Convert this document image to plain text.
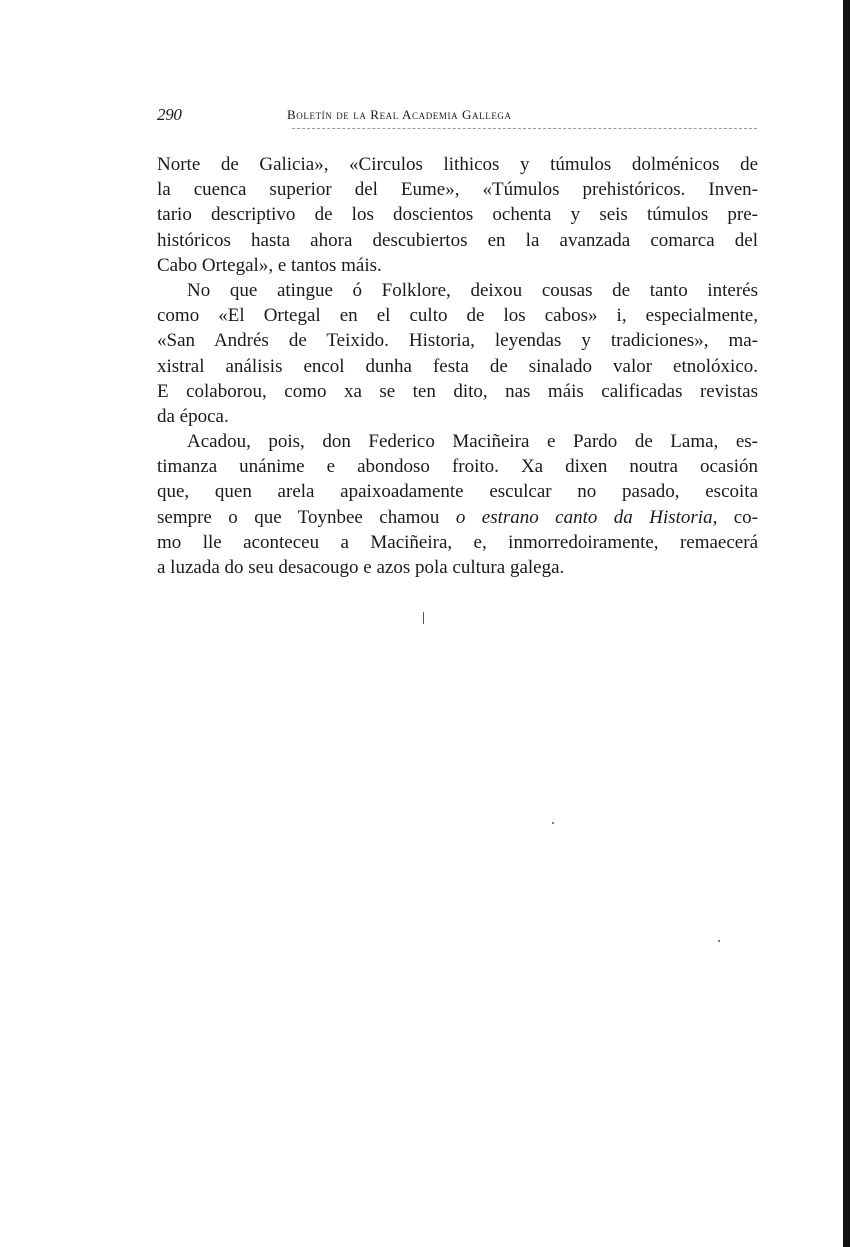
290	Boletín de la Real Academia Gallega

Norte de Galicia», «Circulos lithicos y túmulos dolménicos de
la cuenca superior del Eume», «Túmulos prehistóricos. Inven-
tario descriptivo de los doscientos ochenta y seis túmulos pre-
históricos hasta ahora descubiertos en la avanzada comarca del
Cabo Ortegal», e tantos máis.

No que atingue ó Folklore, deixou cousas de tanto interés
como «El Ortegal en el culto de los cabos» i, especialmente,
«San Andrés de Teixido. Historia, leyendas y tradiciones», ma-
xistral análisis encol dunha festa de sinalado valor etnolóxico.
E colaborou, como xa se ten dito, nas máis calificadas revistas
da época.

Acadou, pois, don Federico Maciñeira e Pardo de Lama, es-
timanza unánime e abondoso froito. Xa dixen noutra ocasión
que, quen arela apaixoadamente esculcar no pasado, escoita
sempre o que Toynbee chamou o estrano canto da Historia, co-
mo lle aconteceu a Maciñeira, e, inmorredoiramente, remaecerá
a luzada do seu desacougo e azos pola cultura galega.
